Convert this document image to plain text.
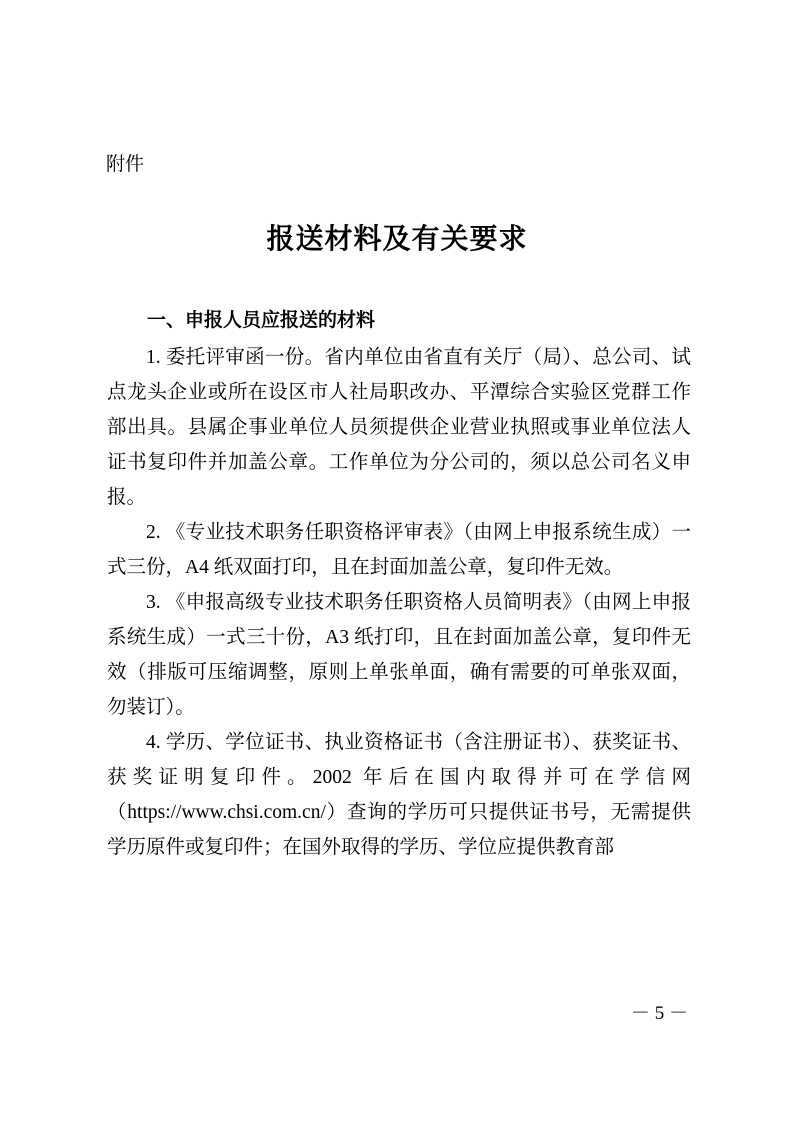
附件

报送材料及有关要求
一、申报人员应报送的材料

1. 委托评审函一份。省内单位由省直有关厅（局）、总公司、试点龙头企业或所在设区市人社局职改办、平潭综合实验区党群工作部出具。县属企事业单位人员须提供企业营业执照或事业单位法人证书复印件并加盖公章。工作单位为分公司的，须以总公司名义申报。

2. 《专业技术职务任职资格评审表》（由网上申报系统生成）一式三份，A4 纸双面打印，且在封面加盖公章，复印件无效。

3. 《申报高级专业技术职务任职资格人员简明表》（由网上申报系统生成）一式三十份，A3 纸打印，且在封面加盖公章，复印件无效（排版可压缩调整，原则上单张单面，确有需要的可单张双面，勿装订）。

4. 学历、学位证书、执业资格证书（含注册证书）、获奖证书、获奖证明复印件。2002 年后在国内取得并可在学信网（https://www.chsi.com.cn/）查询的学历可只提供证书号，无需提供学历原件或复印件；在国外取得的学历、学位应提供教育部

－ 5 －
